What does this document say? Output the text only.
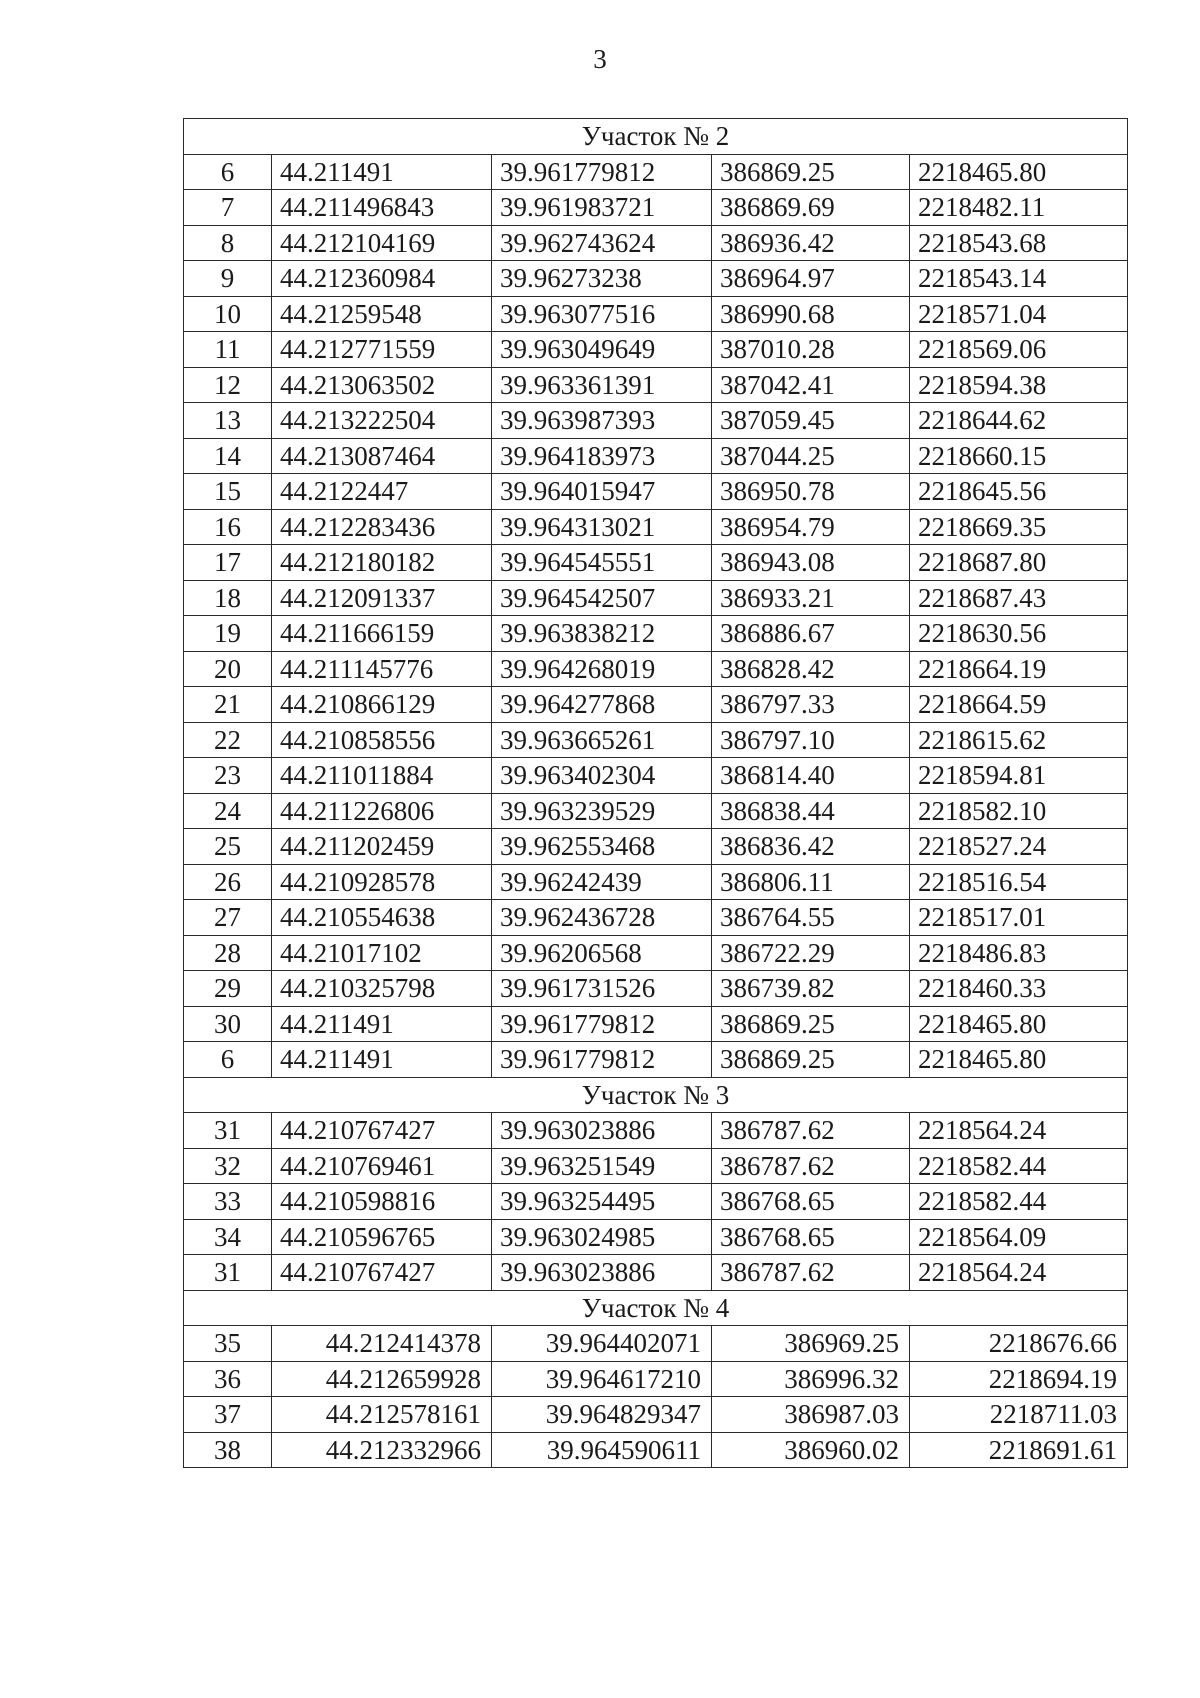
3
Участок № 2				
6	44.211491	39.961779812	386869.25	2218465.80
7	44.211496843	39.961983721	386869.69	2218482.11
8	44.212104169	39.962743624	386936.42	2218543.68
9	44.212360984	39.96273238	386964.97	2218543.14
10	44.21259548	39.963077516	386990.68	2218571.04
11	44.212771559	39.963049649	387010.28	2218569.06
12	44.213063502	39.963361391	387042.41	2218594.38
13	44.213222504	39.963987393	387059.45	2218644.62
14	44.213087464	39.964183973	387044.25	2218660.15
15	44.2122447	39.964015947	386950.78	2218645.56
16	44.212283436	39.964313021	386954.79	2218669.35
17	44.212180182	39.964545551	386943.08	2218687.80
18	44.212091337	39.964542507	386933.21	2218687.43
19	44.211666159	39.963838212	386886.67	2218630.56
20	44.211145776	39.964268019	386828.42	2218664.19
21	44.210866129	39.964277868	386797.33	2218664.59
22	44.210858556	39.963665261	386797.10	2218615.62
23	44.211011884	39.963402304	386814.40	2218594.81
24	44.211226806	39.963239529	386838.44	2218582.10
25	44.211202459	39.962553468	386836.42	2218527.24
26	44.210928578	39.96242439	386806.11	2218516.54
27	44.210554638	39.962436728	386764.55	2218517.01
28	44.21017102	39.96206568	386722.29	2218486.83
29	44.210325798	39.961731526	386739.82	2218460.33
30	44.211491	39.961779812	386869.25	2218465.80
6	44.211491	39.961779812	386869.25	2218465.80
Участок № 3				
31	44.210767427	39.963023886	386787.62	2218564.24
32	44.210769461	39.963251549	386787.62	2218582.44
33	44.210598816	39.963254495	386768.65	2218582.44
34	44.210596765	39.963024985	386768.65	2218564.09
31	44.210767427	39.963023886	386787.62	2218564.24
Участок № 4				
35	44.212414378	39.964402071	386969.25	2218676.66
36	44.212659928	39.964617210	386996.32	2218694.19
37	44.212578161	39.964829347	386987.03	2218711.03
38	44.212332966	39.964590611	386960.02	2218691.61
